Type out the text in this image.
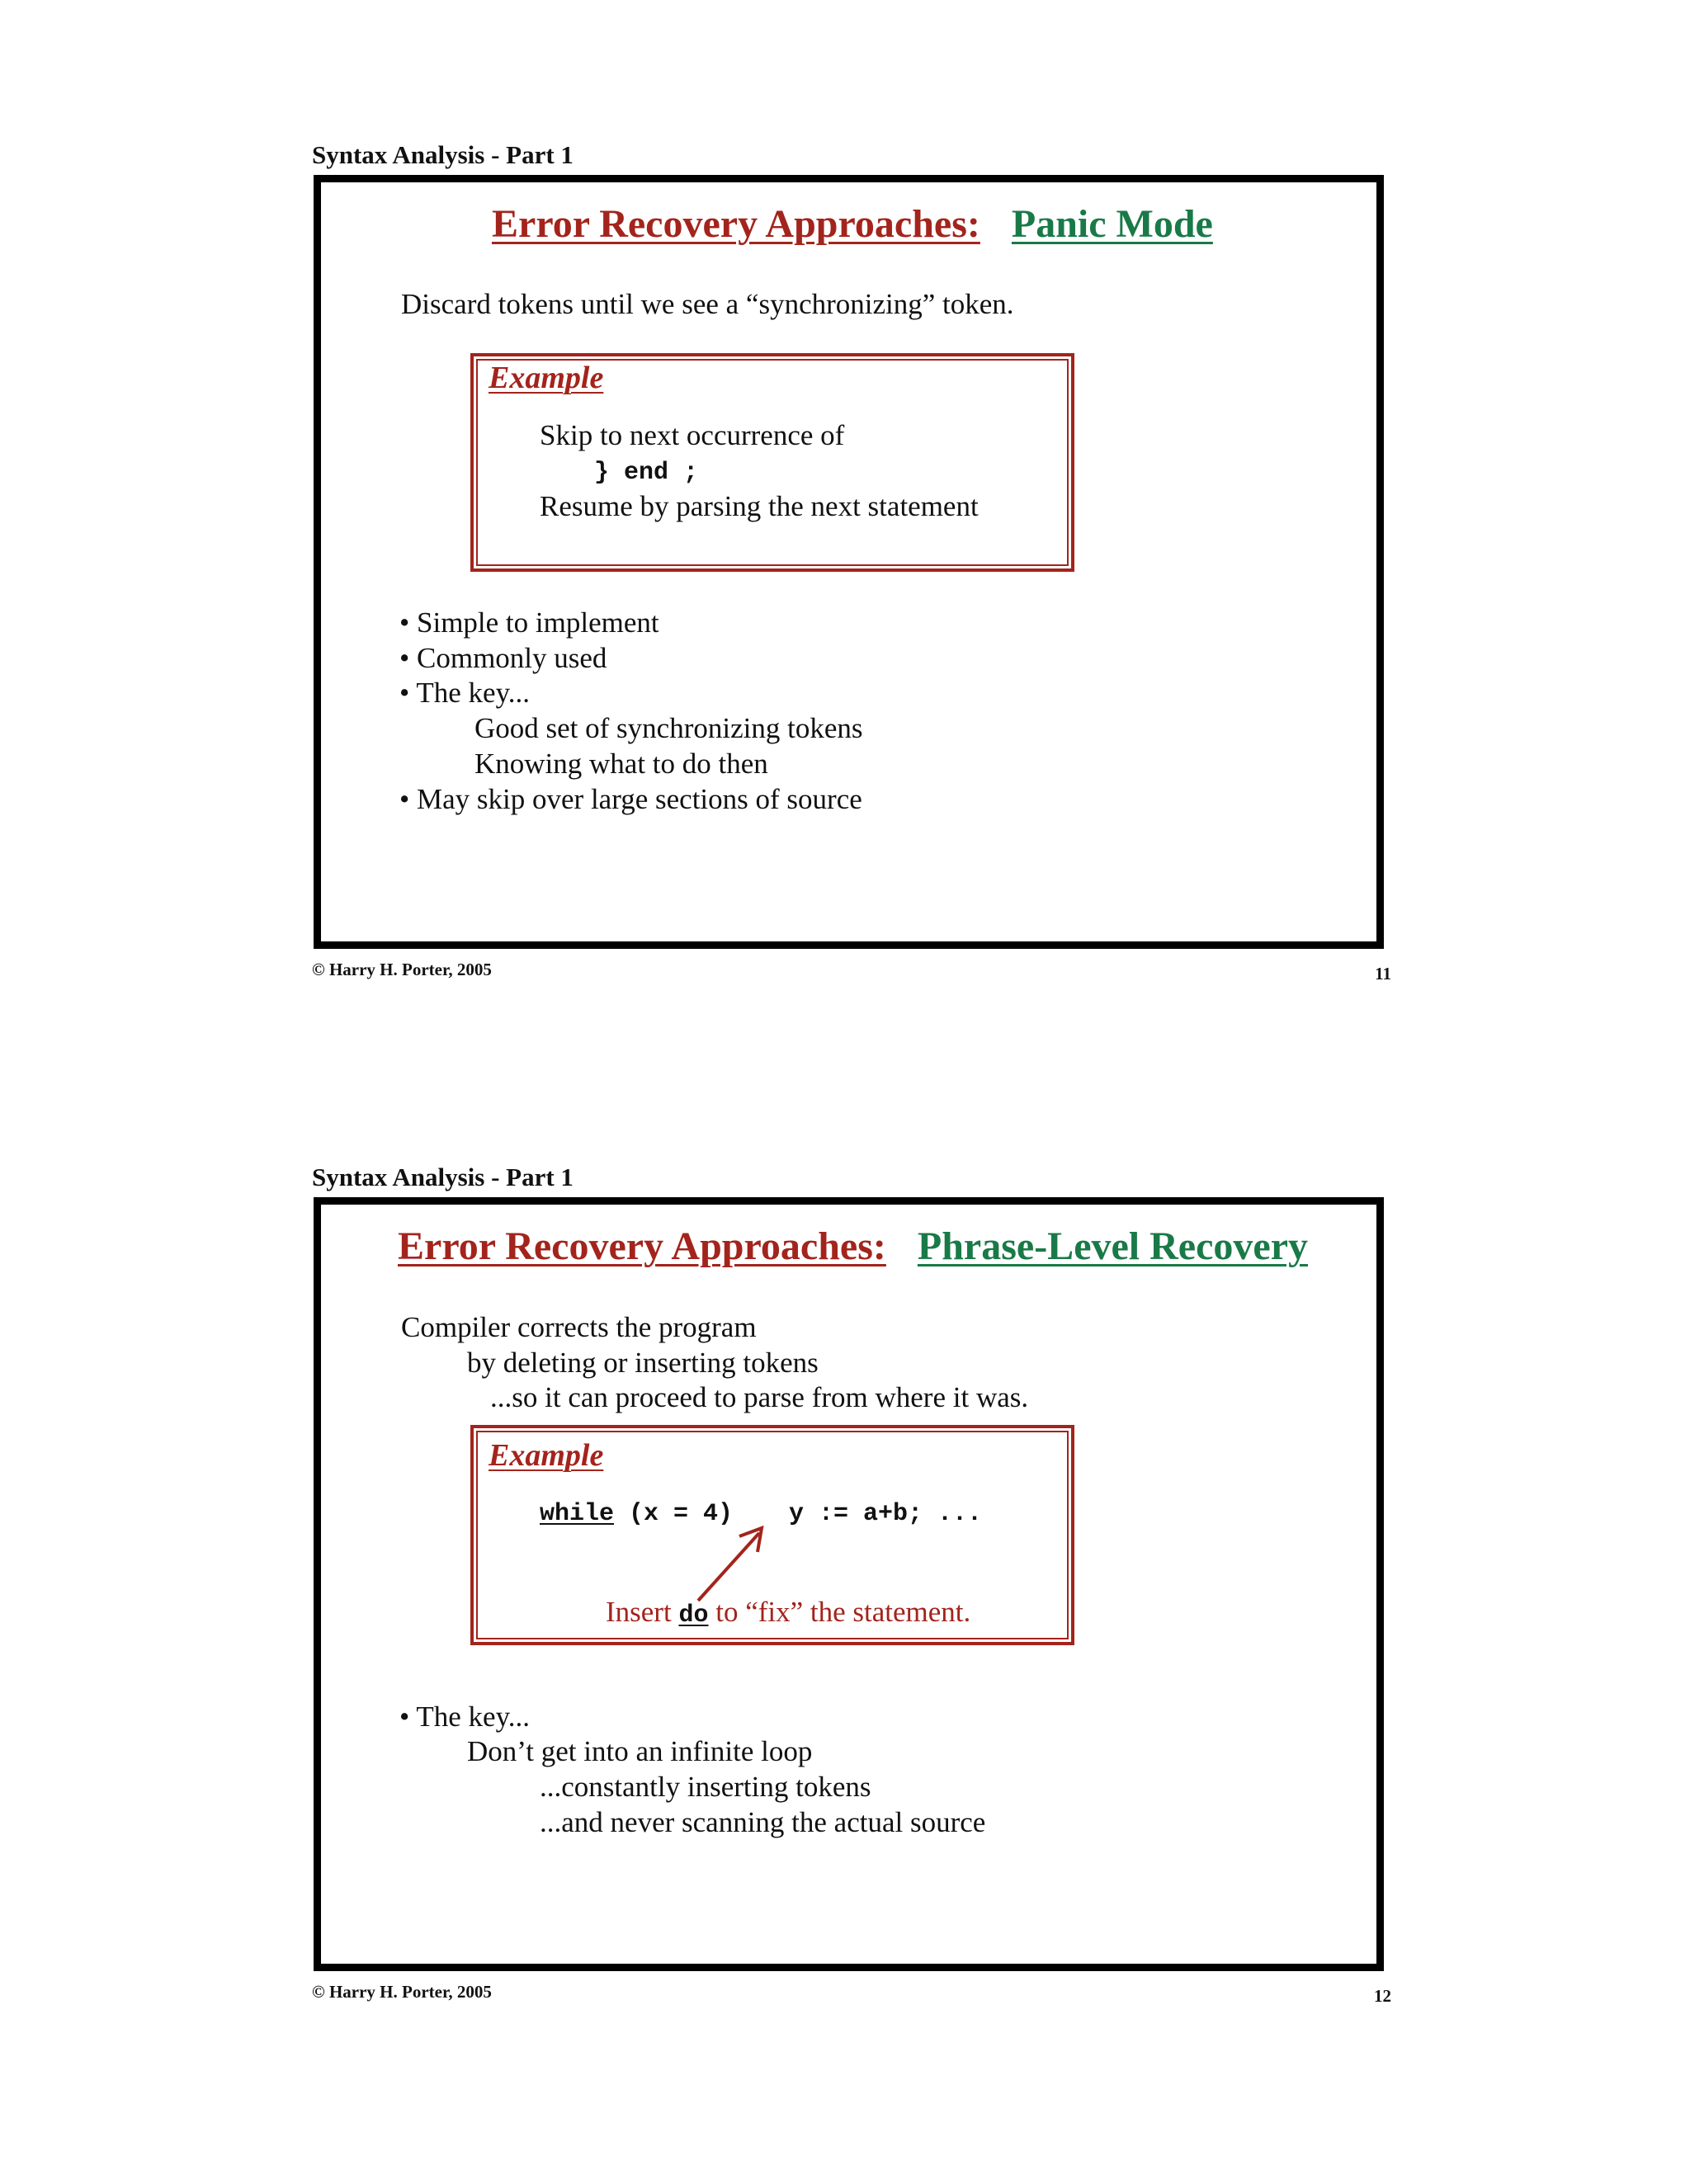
Syntax Analysis - Part 1
Error Recovery Approaches: Panic Mode
Discard tokens until we see a “synchronizing” token.
Example
Skip to next occurrence of
} end ;
Resume by parsing the next statement
• Simple to implement
• Commonly used
• The key...
Good set of synchronizing tokens
Knowing what to do then
• May skip over large sections of source
© Harry H. Porter, 2005	11
Syntax Analysis - Part 1
Error Recovery Approaches: Phrase-Level Recovery
Compiler corrects the program
by deleting or inserting tokens
...so it can proceed to parse from where it was.
Example
while (x = 4) y := a+b; ...
Insert do to “fix” the statement.
• The key...
Don’t get into an infinite loop
...constantly inserting tokens
...and never scanning the actual source
© Harry H. Porter, 2005	12
